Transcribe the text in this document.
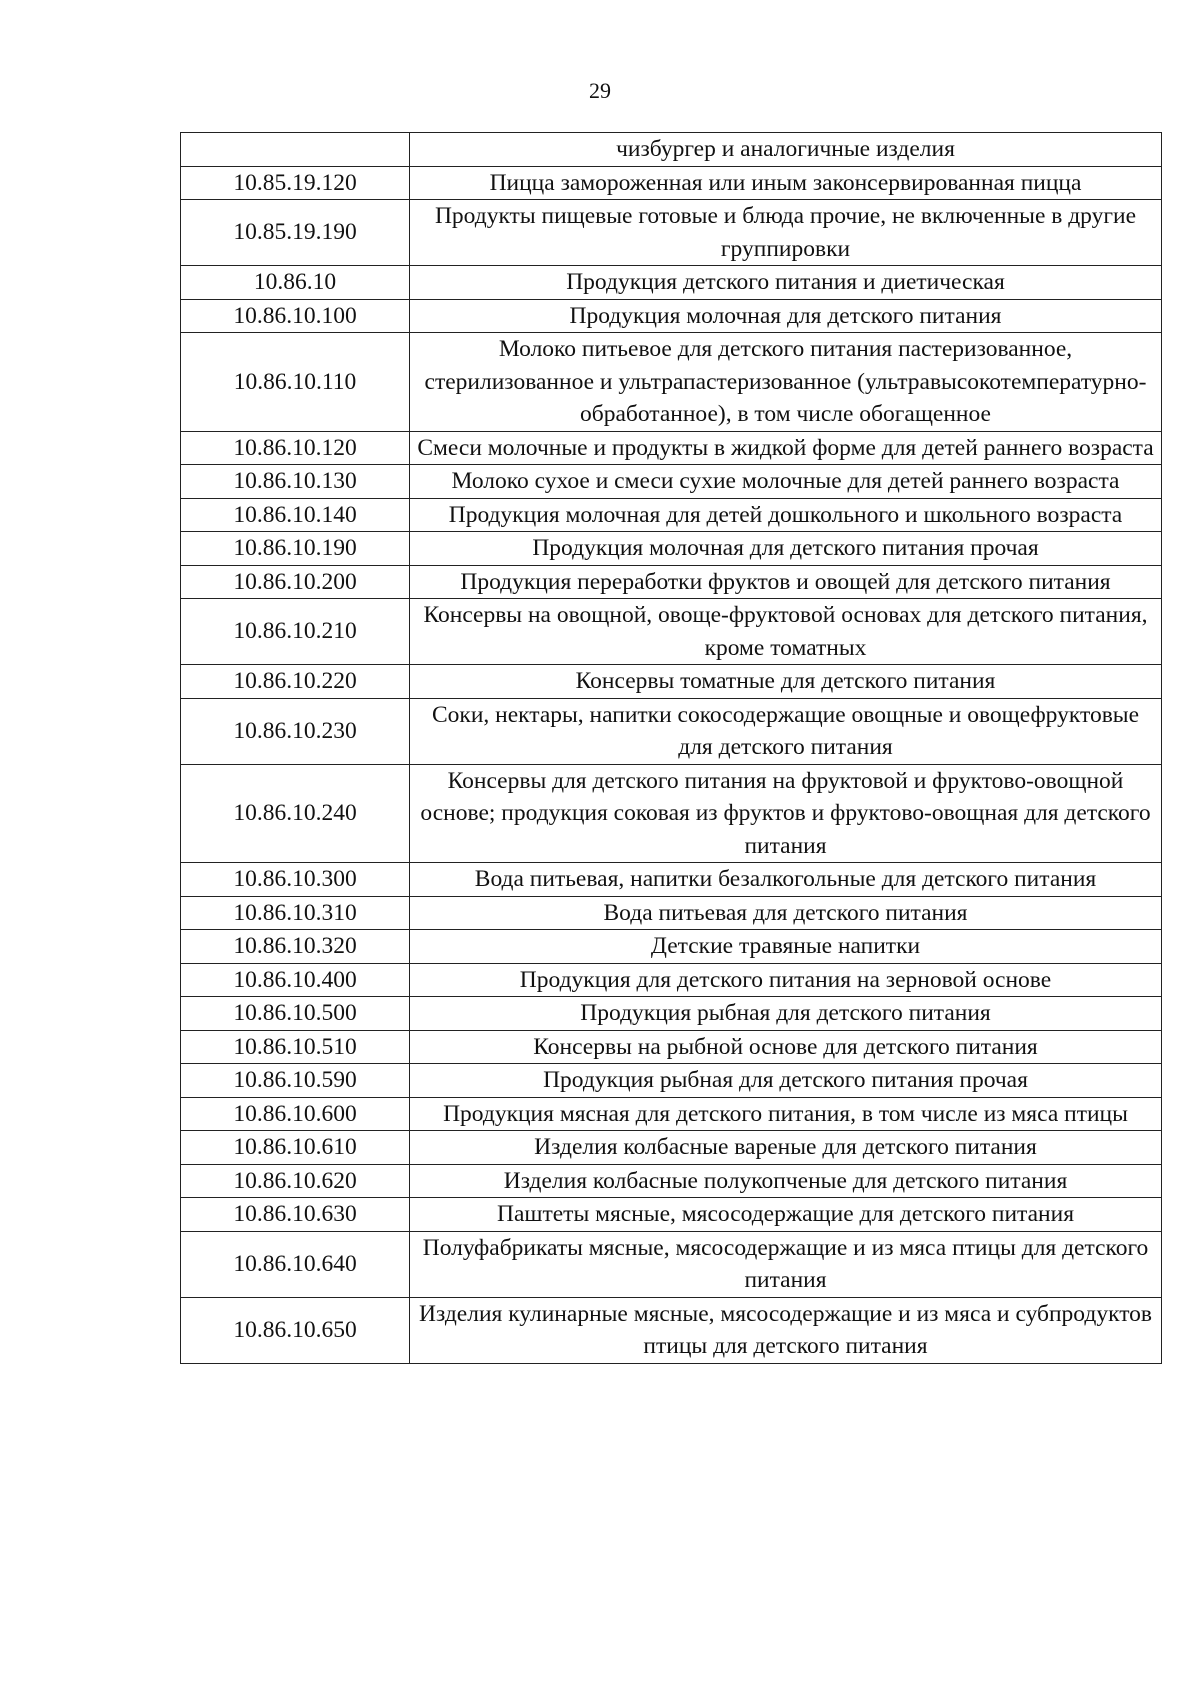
29
	чизбургер и аналогичные изделия
10.85.19.120	Пицца замороженная или иным законсервированная пицца
10.85.19.190	Продукты пищевые готовые и блюда прочие, не включенные в другие группировки
10.86.10	Продукция детского питания и диетическая
10.86.10.100	Продукция молочная для детского питания
10.86.10.110	Молоко питьевое для детского питания пастеризованное, стерилизованное и ультрапастеризованное (ультравысокотемпературно-обработанное), в том числе обогащенное
10.86.10.120	Смеси молочные и продукты в жидкой форме для детей раннего возраста
10.86.10.130	Молоко сухое и смеси сухие молочные для детей раннего возраста
10.86.10.140	Продукция молочная для детей дошкольного и школьного возраста
10.86.10.190	Продукция молочная для детского питания прочая
10.86.10.200	Продукция переработки фруктов и овощей для детского питания
10.86.10.210	Консервы на овощной, овоще-фруктовой основах для детского питания, кроме томатных
10.86.10.220	Консервы томатные для детского питания
10.86.10.230	Соки, нектары, напитки сокосодержащие овощные и овощефруктовые для детского питания
10.86.10.240	Консервы для детского питания на фруктовой и фруктово-овощной основе; продукция соковая из фруктов и фруктово-овощная для детского питания
10.86.10.300	Вода питьевая, напитки безалкогольные для детского питания
10.86.10.310	Вода питьевая для детского питания
10.86.10.320	Детские травяные напитки
10.86.10.400	Продукция для детского питания на зерновой основе
10.86.10.500	Продукция рыбная для детского питания
10.86.10.510	Консервы на рыбной основе для детского питания
10.86.10.590	Продукция рыбная для детского питания прочая
10.86.10.600	Продукция мясная для детского питания, в том числе из мяса птицы
10.86.10.610	Изделия колбасные вареные для детского питания
10.86.10.620	Изделия колбасные полукопченые для детского питания
10.86.10.630	Паштеты мясные, мясосодержащие для детского питания
10.86.10.640	Полуфабрикаты мясные, мясосодержащие и из мяса птицы для детского питания
10.86.10.650	Изделия кулинарные мясные, мясосодержащие и из мяса и субпродуктов птицы для детского питания
